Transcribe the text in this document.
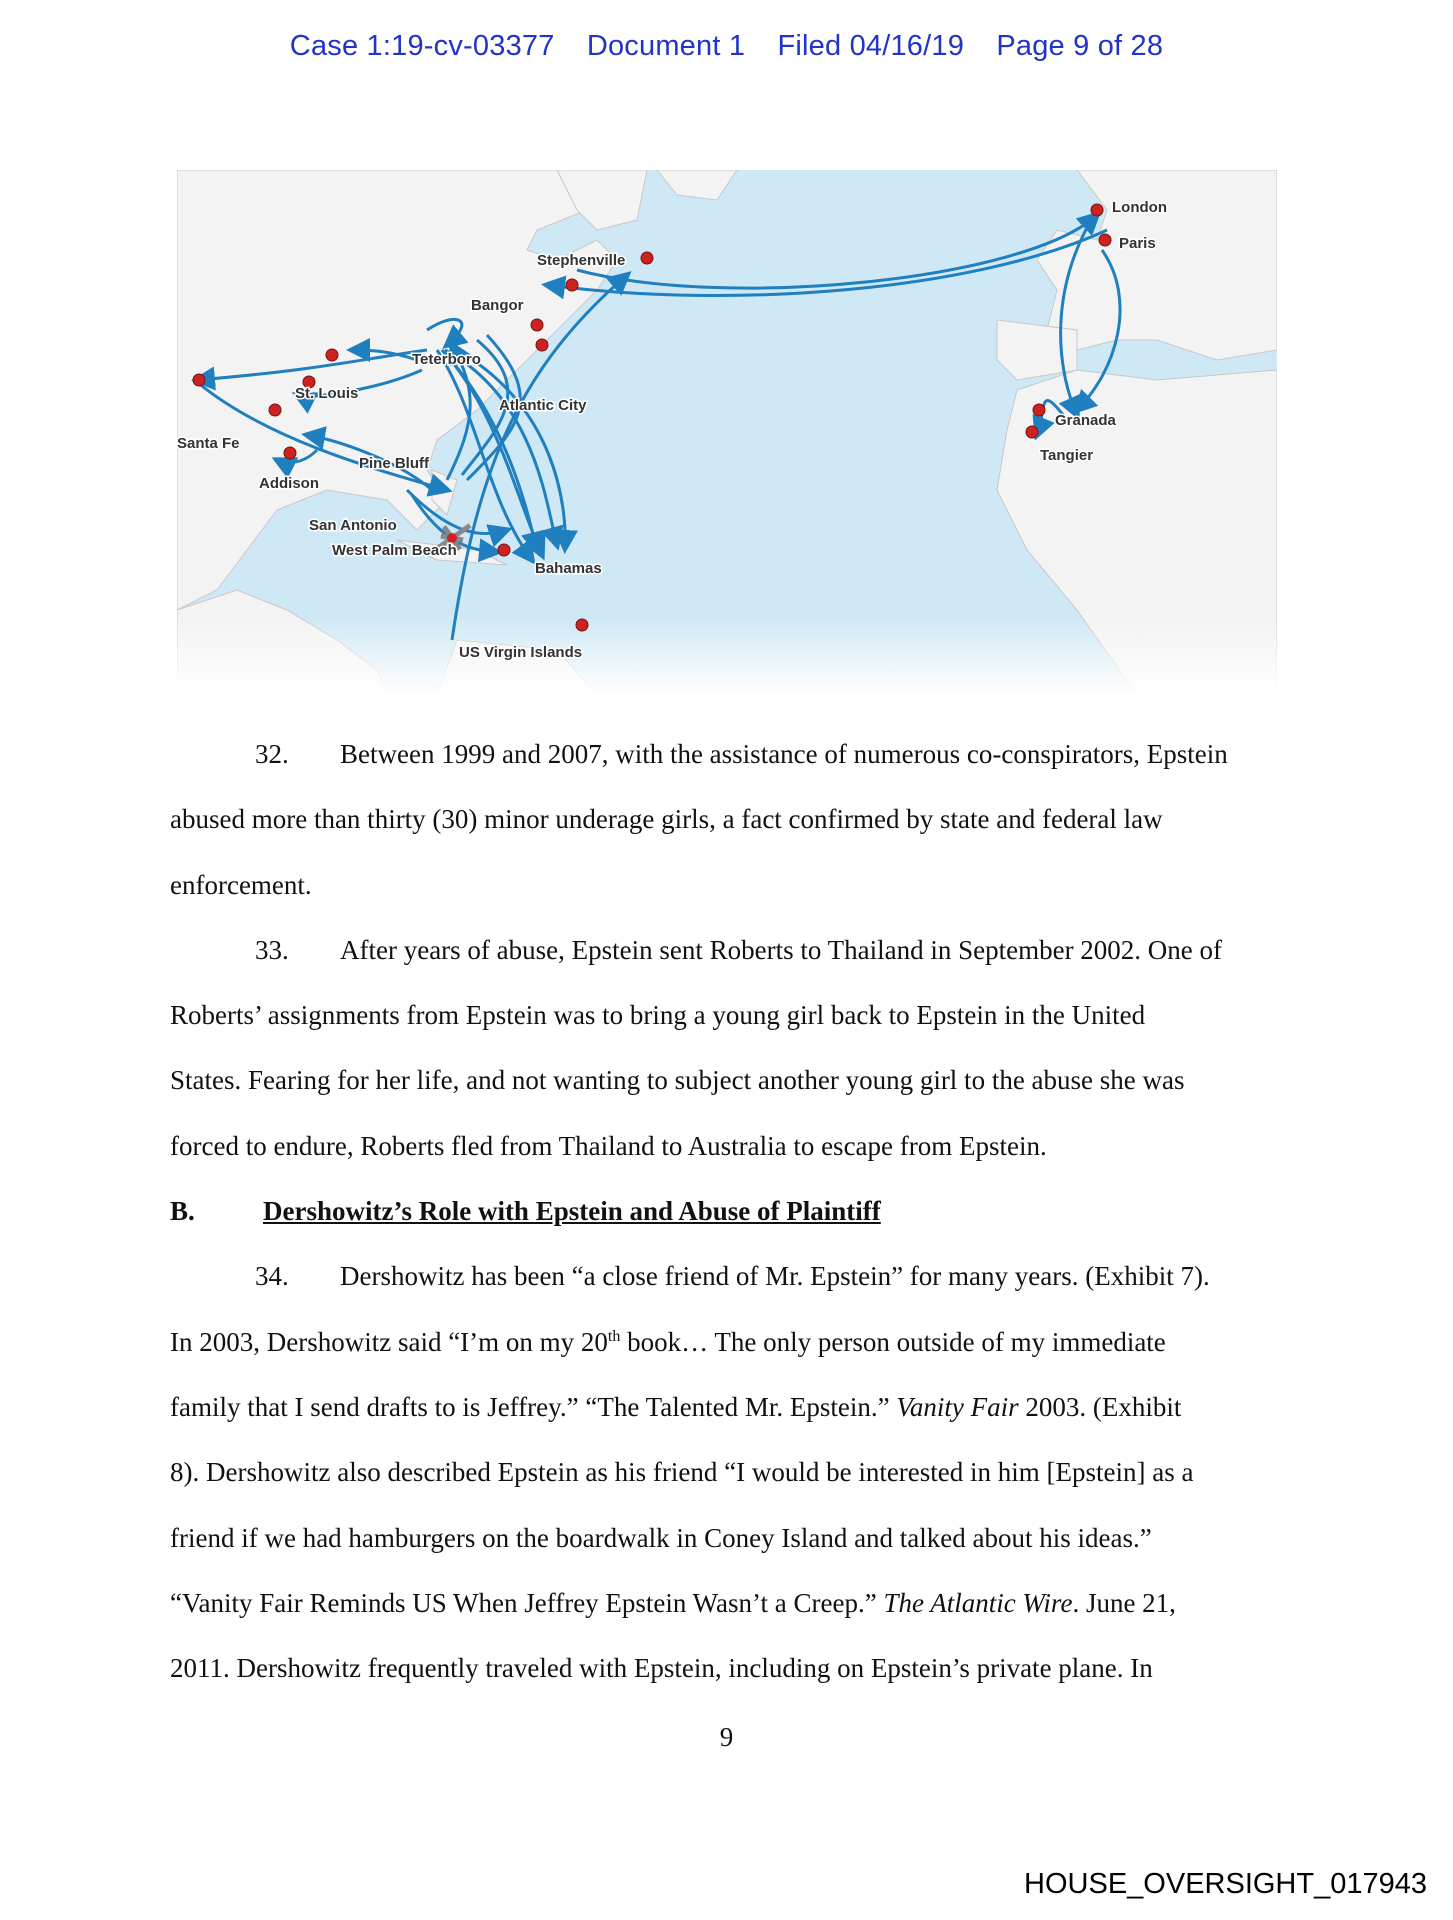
Case 1:19-cv-03377 Document 1 Filed 04/16/19 Page 9 of 28
London
Paris
Stephenville
Bangor
Teterboro
St. Louis
Atlantic City
Santa Fe
Pine Bluff
Addison
San Antonio
West Palm Beach
Bahamas
US Virgin Islands
Granada
Tangier

32. Between 1999 and 2007, with the assistance of numerous co-conspirators, Epstein

abused more than thirty (30) minor underage girls, a fact confirmed by state and federal law

enforcement.

33. After years of abuse, Epstein sent Roberts to Thailand in September 2002. One of

Roberts’ assignments from Epstein was to bring a young girl back to Epstein in the United

States. Fearing for her life, and not wanting to subject another young girl to the abuse she was

forced to endure, Roberts fled from Thailand to Australia to escape from Epstein.

B.	Dershowitz’s Role with Epstein and Abuse of Plaintiff

34. Dershowitz has been “a close friend of Mr. Epstein” for many years. (Exhibit 7).

In 2003, Dershowitz said “I’m on my 20th book… The only person outside of my immediate

family that I send drafts to is Jeffrey.” “The Talented Mr. Epstein.” Vanity Fair 2003. (Exhibit

8). Dershowitz also described Epstein as his friend “I would be interested in him [Epstein] as a

friend if we had hamburgers on the boardwalk in Coney Island and talked about his ideas.”

“Vanity Fair Reminds US When Jeffrey Epstein Wasn’t a Creep.” The Atlantic Wire. June 21,

2011. Dershowitz frequently traveled with Epstein, including on Epstein’s private plane. In

9
HOUSE_OVERSIGHT_017943
